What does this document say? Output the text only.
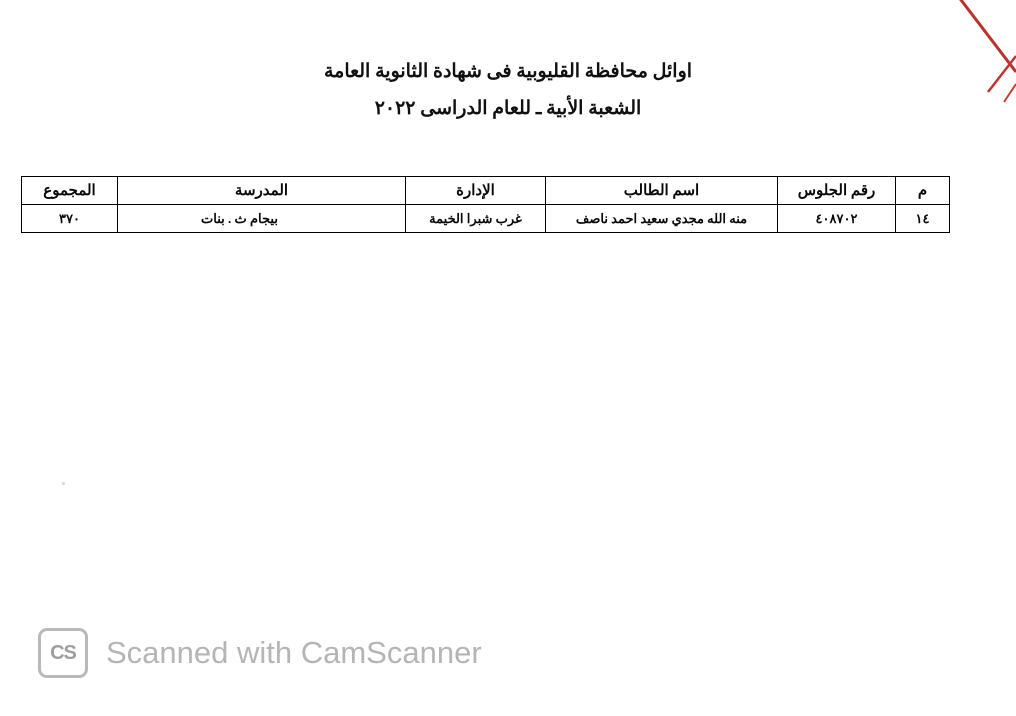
اوائل محافظة القليوبية فى شهادة الثانوية العامة
الشعبة الأبية ـ للعام الدراسى ٢٠٢٢
م	رقم الجلوس	اسم الطالب	الإدارة	المدرسة	المجموع
١٤	٤٠٨٧٠٢	منه الله مجدي سعيد احمد ناصف	غرب شبرا الخيمة	بيجام ث . بنات	٣٧٠
CS Scanned with CamScanner
